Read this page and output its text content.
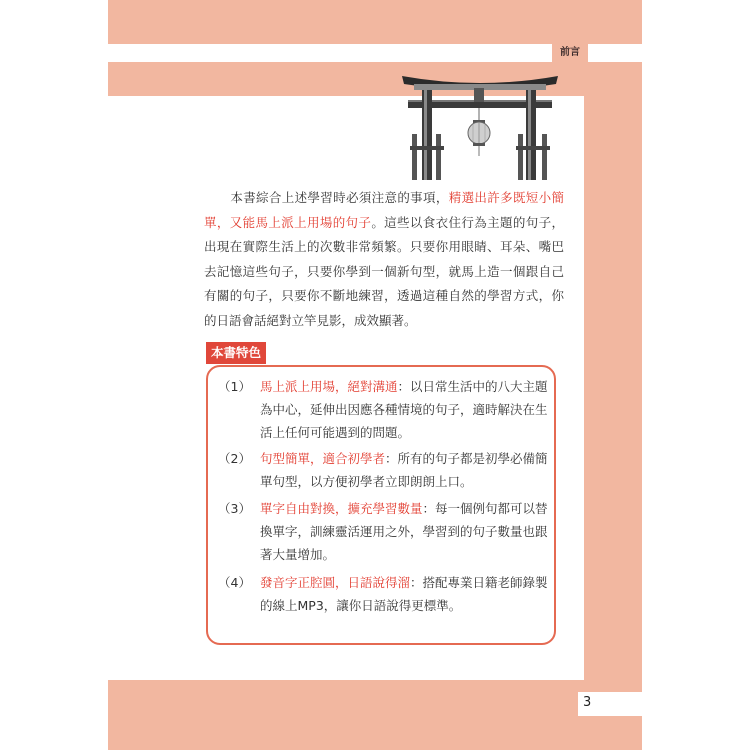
前言
本書綜合上述學習時必須注意的事項，精選出許多既短小簡單，又能馬上派上用場的句子。這些以食衣住行為主題的句子，出現在實際生活上的次數非常頻繁。只要你用眼睛、耳朵、嘴巴去記憶這些句子，只要你學到一個新句型，就馬上造一個跟自己有關的句子，只要你不斷地練習，透過這種自然的學習方式，你的日語會話絕對立竿見影，成效顯著。
本書特色
（1） 馬上派上用場，絕對溝通：以日常生活中的八大主題為中心，延伸出因應各種情境的句子，適時解決在生活上任何可能遇到的問題。
（2） 句型簡單，適合初學者：所有的句子都是初學必備簡單句型，以方便初學者立即朗朗上口。
（3） 單字自由對換，擴充學習數量：每一個例句都可以替換單字，訓練靈活運用之外，學習到的句子數量也跟著大量增加。
（4） 發音字正腔圓，日語說得溜：搭配專業日籍老師錄製的線上MP3，讓你日語說得更標準。
3
